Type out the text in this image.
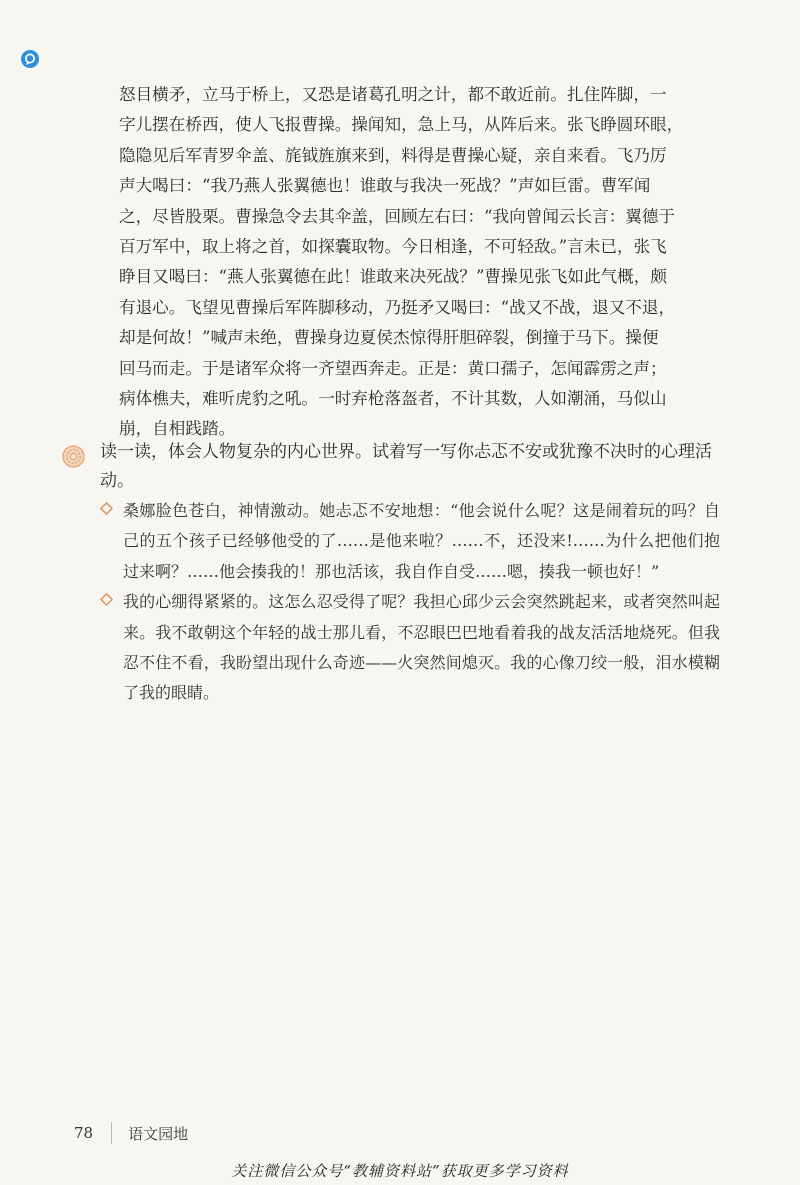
怒目横矛，立马于桥上，又恐是诸葛孔明之计，都不敢近前。扎住阵脚，一

字儿摆在桥西，使人飞报曹操。操闻知，急上马，从阵后来。张飞睁圆环眼，

隐隐见后军青罗伞盖、旄钺旌旗来到，料得是曹操心疑，亲自来看。飞乃厉

声大喝曰：“我乃燕人张翼德也！谁敢与我决一死战？”声如巨雷。曹军闻

之，尽皆股栗。曹操急令去其伞盖，回顾左右曰：“我向曾闻云长言：翼德于

百万军中，取上将之首，如探囊取物。今日相逢，不可轻敌。”言未已，张飞

睁目又喝曰：“燕人张翼德在此！谁敢来决死战？”曹操见张飞如此气概，颇

有退心。飞望见曹操后军阵脚移动，乃挺矛又喝曰：“战又不战，退又不退，

却是何故！”喊声未绝，曹操身边夏侯杰惊得肝胆碎裂，倒撞于马下。操便

回马而走。于是诸军众将一齐望西奔走。正是：黄口孺子，怎闻霹雳之声；

病体樵夫，难听虎豹之吼。一时弃枪落盔者，不计其数，人如潮涌，马似山

崩，自相践踏。

读一读，体会人物复杂的内心世界。试着写一写你忐忑不安或犹豫不决时的心理活动。
桑娜脸色苍白，神情激动。她忐忑不安地想：“他会说什么呢？这是闹着玩的吗？自己的五个孩子已经够他受的了……是他来啦？……不，还没来!……为什么把他们抱过来啊？……他会揍我的！那也活该，我自作自受……嗯，揍我一顿也好！”
我的心绷得紧紧的。这怎么忍受得了呢？我担心邱少云会突然跳起来，或者突然叫起来。我不敢朝这个年轻的战士那儿看，不忍眼巴巴地看着我的战友活活地烧死。但我忍不住不看，我盼望出现什么奇迹——火突然间熄灭。我的心像刀绞一般，泪水模糊了我的眼睛。
78 语文园地
关注微信公众号“教辅资料站”获取更多学习资料
